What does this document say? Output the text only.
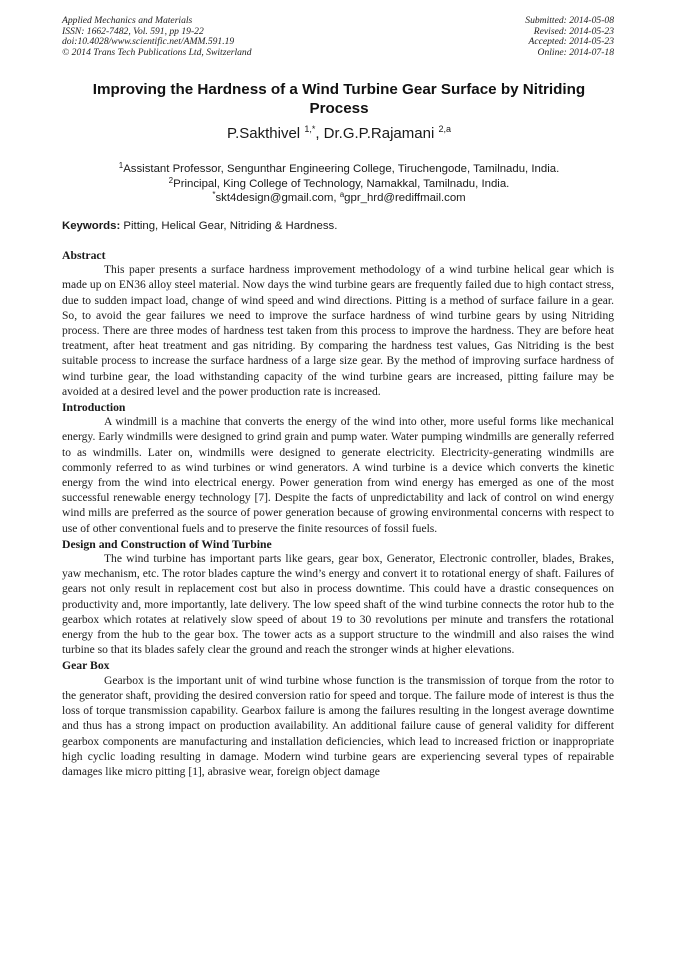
Applied Mechanics and Materials
ISSN: 1662-7482, Vol. 591, pp 19-22
doi:10.4028/www.scientific.net/AMM.591.19
© 2014 Trans Tech Publications Ltd, Switzerland
Submitted: 2014-05-08
Revised: 2014-05-23
Accepted: 2014-05-23
Online: 2014-07-18
Improving the Hardness of a Wind Turbine Gear Surface by Nitriding Process
P.Sakthivel $^{1,*}$, Dr.G.P.Rajamani $^{2,a}$
$^1$Assistant Professor, Sengunthar Engineering College, Tiruchengode, Tamilnadu, India.
$^2$Principal, King College of Technology, Namakkal, Tamilnadu, India.
*skt4design@gmail.com, $^a$gpr_hrd@rediffmail.com
Keywords: Pitting, Helical Gear, Nitriding & Hardness.
Abstract

This paper presents a surface hardness improvement methodology of a wind turbine helical gear which is made up on EN36 alloy steel material. Now days the wind turbine gears are frequently failed due to high contact stress, due to sudden impact load, change of wind speed and wind directions. Pitting is a method of surface failure in a gear. So, to avoid the gear failures we need to improve the surface hardness of wind turbine gears by using Nitriding process. There are three modes of hardness test taken from this process to improve the hardness. They are before heat treatment, after heat treatment and gas nitriding. By comparing the hardness test values, Gas Nitriding is the best suitable process to increase the surface hardness of a large size gear. By the method of improving surface hardness of wind turbine gear, the load withstanding capacity of the wind turbine gears are increased, pitting failure may be avoided at a desired level and the power production rate is increased.

Introduction

A windmill is a machine that converts the energy of the wind into other, more useful forms like mechanical energy. Early windmills were designed to grind grain and pump water. Water pumping windmills are generally referred to as windmills. Later on, windmills were designed to generate electricity. Electricity-generating windmills are commonly referred to as wind turbines or wind generators. A wind turbine is a device which converts the kinetic energy from the wind into electrical energy. Power generation from wind energy has emerged as one of the most successful renewable energy technology [7]. Despite the facts of unpredictability and lack of control on wind energy wind mills are preferred as the source of power generation because of growing environmental concerns with respect to use of other conventional fuels and to preserve the finite resources of fossil fuels.

Design and Construction of Wind Turbine

The wind turbine has important parts like gears, gear box, Generator, Electronic controller, blades, Brakes, yaw mechanism, etc. The rotor blades capture the wind’s energy and convert it to rotational energy of shaft. Failures of gears not only result in replacement cost but also in process downtime. This could have a drastic consequences on productivity and, more importantly, late delivery. The low speed shaft of the wind turbine connects the rotor hub to the gearbox which rotates at relatively slow speed of about 19 to 30 revolutions per minute and transfers the rotational energy from the hub to the gear box. The tower acts as a support structure to the windmill and also raises the wind turbine so that its blades safely clear the ground and reach the stronger winds at higher elevations.

Gear Box

Gearbox is the important unit of wind turbine whose function is the transmission of torque from the rotor to the generator shaft, providing the desired conversion ratio for speed and torque. The failure mode of interest is thus the loss of torque transmission capability. Gearbox failure is among the failures resulting in the longest average downtime and thus has a strong impact on production availability. An additional failure cause of general validity for different gearbox components are manufacturing and installation deficiencies, which lead to increased friction or inappropriate high cyclic loading resulting in damage. Modern wind turbine gears are experiencing several types of repairable damages like micro pitting [1], abrasive wear, foreign object damage
